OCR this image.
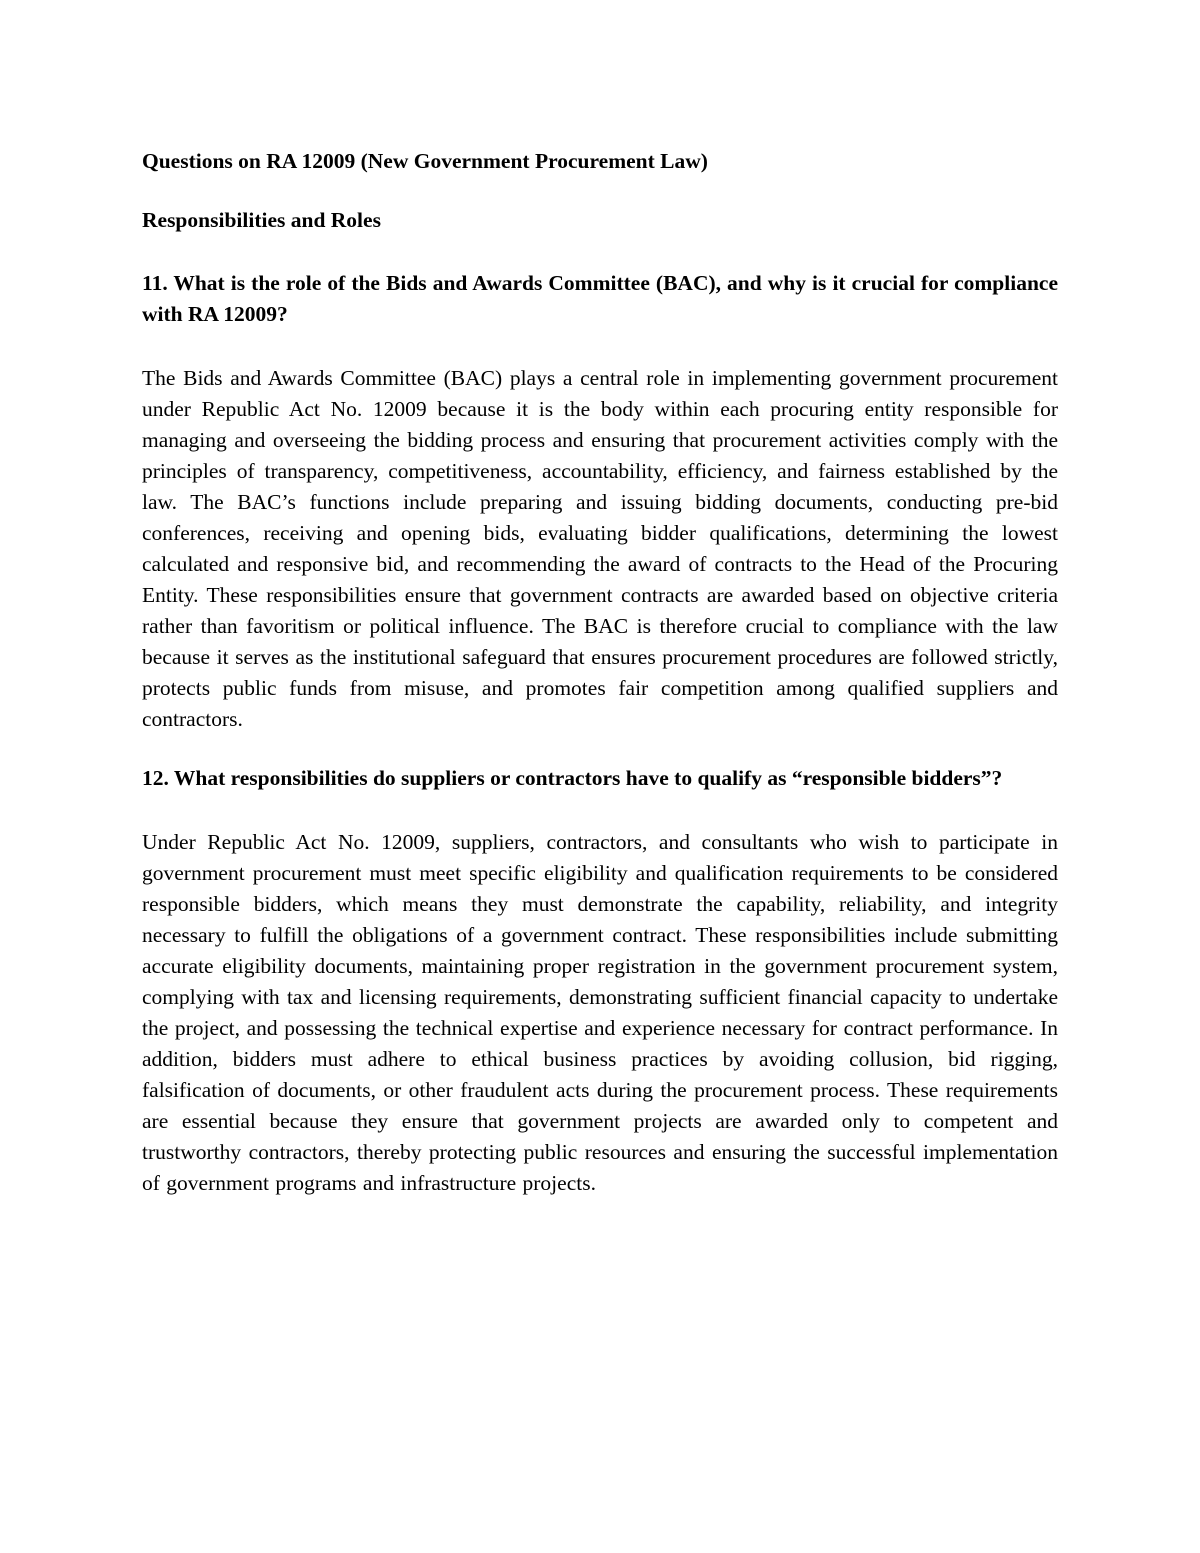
Questions on RA 12009 (New Government Procurement Law)
Responsibilities and Roles
11. What is the role of the Bids and Awards Committee (BAC), and why is it crucial for compliance with RA 12009?

The Bids and Awards Committee (BAC) plays a central role in implementing government procurement under Republic Act No. 12009 because it is the body within each procuring entity responsible for managing and overseeing the bidding process and ensuring that procurement activities comply with the principles of transparency, competitiveness, accountability, efficiency, and fairness established by the law. The BAC’s functions include preparing and issuing bidding documents, conducting pre-bid conferences, receiving and opening bids, evaluating bidder qualifications, determining the lowest calculated and responsive bid, and recommending the award of contracts to the Head of the Procuring Entity. These responsibilities ensure that government contracts are awarded based on objective criteria rather than favoritism or political influence. The BAC is therefore crucial to compliance with the law because it serves as the institutional safeguard that ensures procurement procedures are followed strictly, protects public funds from misuse, and promotes fair competition among qualified suppliers and contractors.

12. What responsibilities do suppliers or contractors have to qualify as “responsible bidders”?

Under Republic Act No. 12009, suppliers, contractors, and consultants who wish to participate in government procurement must meet specific eligibility and qualification requirements to be considered responsible bidders, which means they must demonstrate the capability, reliability, and integrity necessary to fulfill the obligations of a government contract. These responsibilities include submitting accurate eligibility documents, maintaining proper registration in the government procurement system, complying with tax and licensing requirements, demonstrating sufficient financial capacity to undertake the project, and possessing the technical expertise and experience necessary for contract performance. In addition, bidders must adhere to ethical business practices by avoiding collusion, bid rigging, falsification of documents, or other fraudulent acts during the procurement process. These requirements are essential because they ensure that government projects are awarded only to competent and trustworthy contractors, thereby protecting public resources and ensuring the successful implementation of government programs and infrastructure projects.
